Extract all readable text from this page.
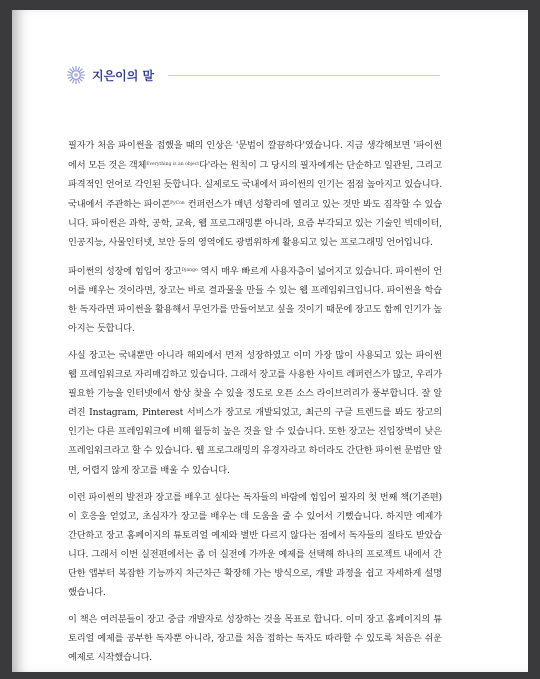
지은이의 말

필자가 처음 파이썬을 접했을 때의 인상은 '문법이 깔끔하다'였습니다. 지금 생각해보면 '파이썬에서 모든 것은 객체$^{Everything is an object}$다'라는 원칙이 그 당시의 필자에게는 단순하고 일관된, 그리고 파격적인 언어로 각인된 듯합니다. 실제로도 국내에서 파이썬의 인기는 점점 높아지고 있습니다. 국내에서 주관하는 파이콘$^{PyCon}$ 컨퍼런스가 매년 성황리에 열리고 있는 것만 봐도 짐작할 수 있습니다. 파이썬은 과학, 공학, 교육, 웹 프로그래밍뿐 아니라, 요즘 부각되고 있는 기술인 빅데이터, 인공지능, 사물인터넷, 보안 등의 영역에도 광범위하게 활용되고 있는 프로그래밍 언어입니다.

파이썬의 성장에 힘입어 장고$^{Django}$ 역시 매우 빠르게 사용자층이 넓어지고 있습니다. 파이썬이 언어를 배우는 것이라면, 장고는 바로 결과물을 만들 수 있는 웹 프레임워크입니다. 파이썬을 학습한 독자라면 파이썬을 활용해서 무언가를 만들어보고 싶을 것이기 때문에 장고도 함께 인기가 높아지는 듯합니다.

사실 장고는 국내뿐만 아니라 해외에서 먼저 성장하였고 이미 가장 많이 사용되고 있는 파이썬 웹 프레임워크로 자리매김하고 있습니다. 그래서 장고를 사용한 사이트 레퍼런스가 많고, 우리가 필요한 기능을 인터넷에서 항상 찾을 수 있을 정도로 오픈 소스 라이브러리가 풍부합니다. 잘 알려진 Instagram, Pinterest 서비스가 장고로 개발되었고, 최근의 구글 트렌드를 봐도 장고의 인기는 다른 프레임워크에 비해 월등히 높은 것을 알 수 있습니다. 또한 장고는 진입장벽이 낮은 프레임워크라고 할 수 있습니다. 웹 프로그래밍의 유경자라고 하더라도 간단한 파이썬 문법만 알면, 어렵지 않게 장고를 배울 수 있습니다.

이런 파이썬의 발전과 장고를 배우고 싶다는 독자들의 바람에 힘입어 필자의 첫 번째 책(기존편)이 호응을 얻었고, 초심자가 장고를 배우는 데 도움을 줄 수 있어서 기뻤습니다. 하지만 예제가 간단하고 장고 홈페이지의 튜토리얼 예제와 별반 다르지 않다는 점에서 독자들의 질타도 받았습니다. 그래서 이번 실전편에서는 좀 더 실전에 가까운 예제를 선택해 하나의 프로젝트 내에서 간단한 앱부터 복잡한 기능까지 차근차근 확장해 가는 방식으로, 개발 과정을 쉽고 자세하게 설명했습니다.

이 책은 여러분들이 장고 중급 개발자로 성장하는 것을 목표로 합니다. 이미 장고 홈페이지의 튜토리얼 예제를 공부한 독자뿐 아니라, 장고를 처음 접하는 독자도 따라할 수 있도록 처음은 쉬운 예제로 시작했습니다.
